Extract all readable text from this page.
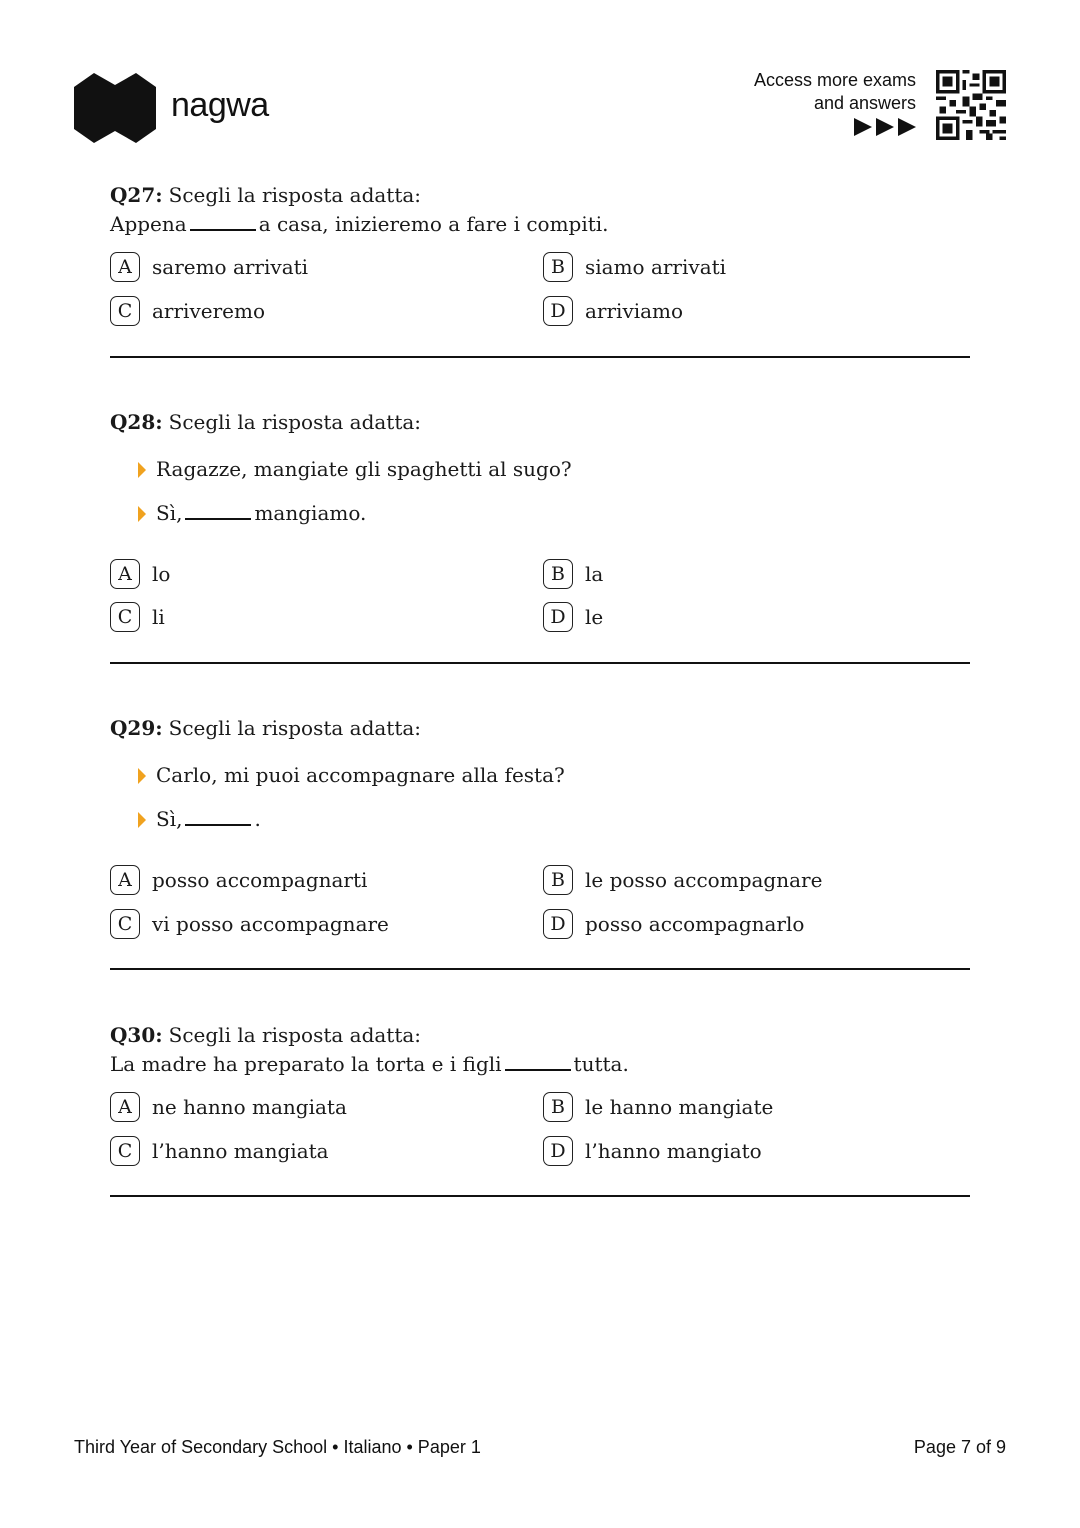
nagwa
Access more exams
and answers
Q27: Scegli la risposta adatta:
Appena	a casa, inizieremo a fare i compiti.
A	saremo arrivati	B	siamo arrivati
C arriveremo	D arriviamo
Q28: Scegli la risposta adatta:
Ragazze, mangiate gli spaghetti al sugo?
Sì,	mangiamo.
A	lo	B	la
C li	D le
Q29: Scegli la risposta adatta:
Carlo, mi puoi accompagnare alla festa?
Sì,	.
A	posso accompagnarti	B	le posso accompagnare
C vi posso accompagnare	D posso accompagnarlo
Q30: Scegli la risposta adatta:
La madre ha preparato la torta e i figli	tutta.
A	ne hanno mangiata	B	le hanno mangiate
C l’hanno mangiata	D l’hanno mangiato
Third Year of Secondary School • Italiano • Paper 1	Page 7 of 9
